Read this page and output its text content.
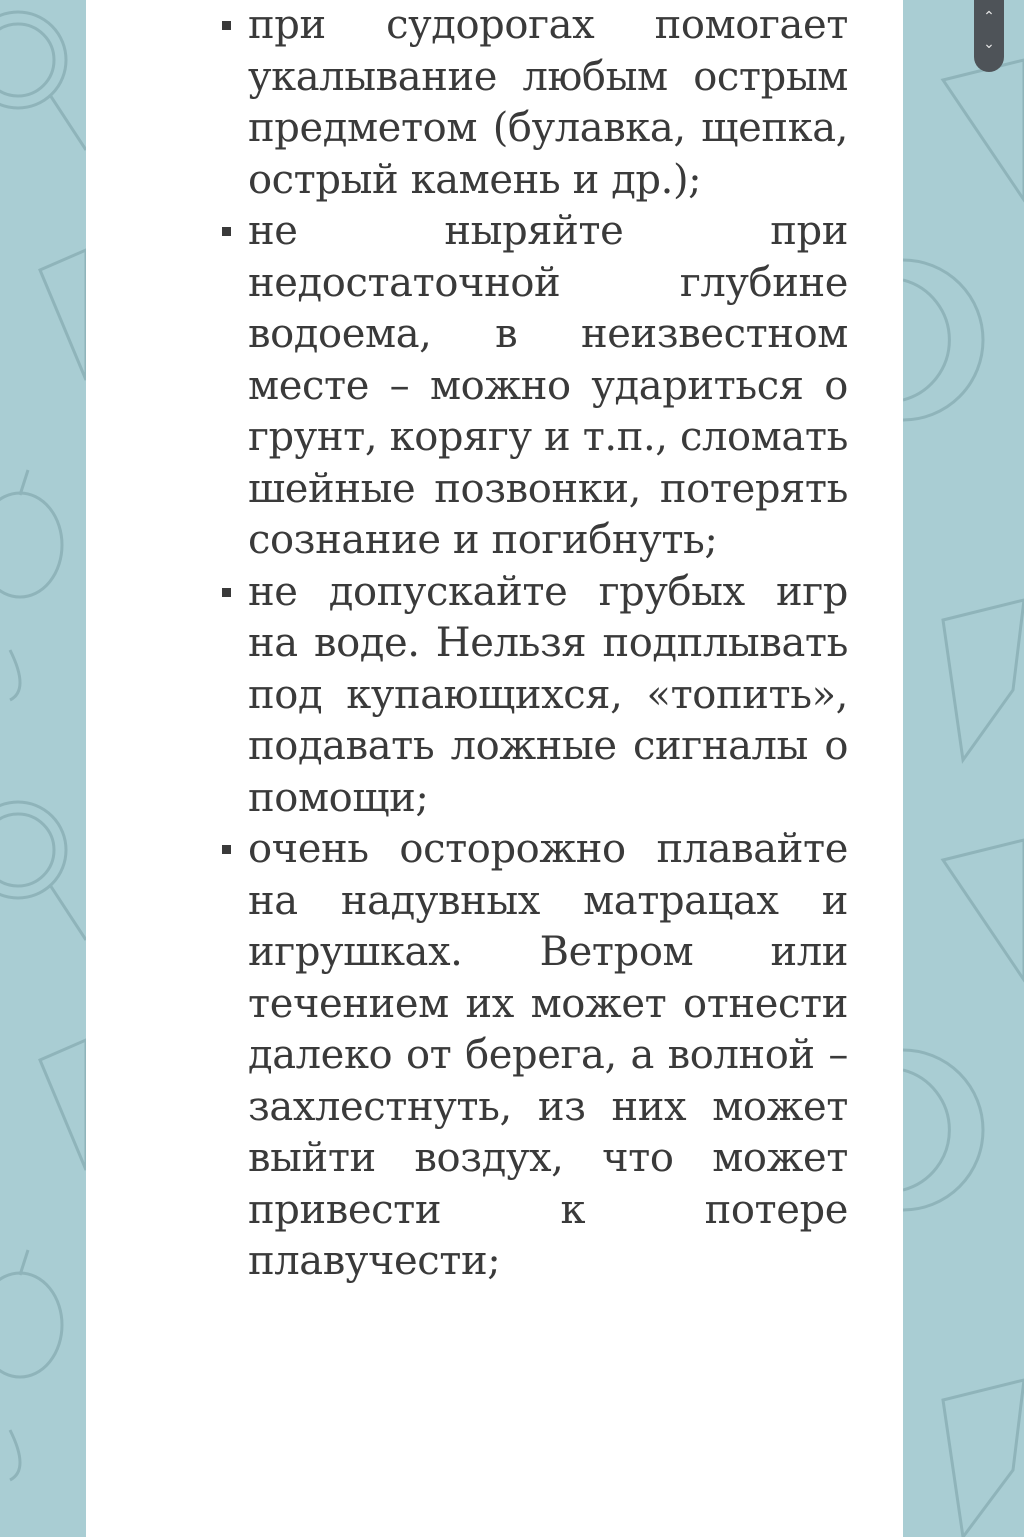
при судорогах помогает укалывание любым острым предметом (булавка, щепка, острый камень и др.);
не ныряйте при недостаточной глубине водоема, в неизвестном месте – можно удариться о грунт, корягу и т.п., сломать шейные позвонки, потерять сознание и погибнуть;
не допускайте грубых игр на воде. Нельзя подплывать под купающихся, «топить», подавать ложные сигналы о помощи;
очень осторожно плавайте на надувных матрацах и игрушках. Ветром или течением их может отнести далеко от берега, а волной – захлестнуть, из них может выйти воздух, что может привести к потере плавучести;
⌃
⌄
